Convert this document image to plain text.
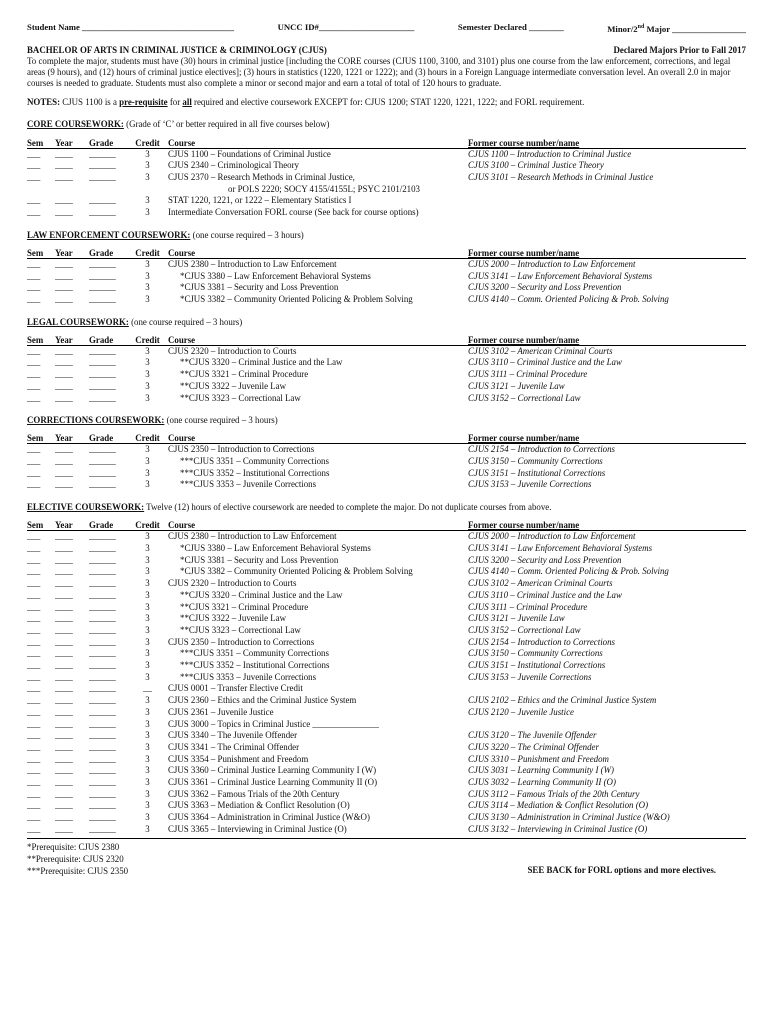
Student Name ___________________________________	UNCC ID#______________________	Semester Declared ________	Minor/2nd Major _________________
BACHELOR OF ARTS IN CRIMINAL JUSTICE & CRIMINOLOGY (CJUS)	Declared Majors Prior to Fall 2017

To complete the major, students must have (30) hours in criminal justice [including the CORE courses (CJUS 1100, 3100, and 3101) plus one course from the law enforcement, corrections, and legal areas (9 hours), and (12) hours of criminal justice electives]; (3) hours in statistics (1220, 1221 or 1222); and (3) hours in a Foreign Language intermediate conversation level. An overall 2.0 in major courses is needed to graduate. Students must also complete a minor or second major and earn a total of total of 120 hours to graduate.

NOTES: CJUS 1100 is a pre-requisite for all required and elective coursework EXCEPT for: CJUS 1200; STAT 1220, 1221, 1222; and FORL requirement.

CORE COURSEWORK: (Grade of ‘C’ or better required in all five courses below)
Sem	Year	Grade	Credit	Course	Former course number/name
___	____	______	3	CJUS 1100 – Foundations of Criminal Justice	CJUS 1100 – Introduction to Criminal Justice
___	____	______	3	CJUS 2340 – Criminological Theory	CJUS 3100 – Criminal Justice Theory
___	____	______	3	CJUS 2370 – Research Methods in Criminal Justice,	CJUS 3101 – Research Methods in Criminal Justice
				or POLS 2220; SOCY 4155/4155L; PSYC 2101/2103	
___	____	______	3	STAT 1220, 1221, or 1222 – Elementary Statistics I	
___	____	______	3	Intermediate Conversation FORL course (See back for course options)	
LAW ENFORCEMENT COURSEWORK: (one course required – 3 hours)
Sem	Year	Grade	Credit	Course	Former course number/name
___	____	______	3	CJUS 2380 – Introduction to Law Enforcement	CJUS 2000 – Introduction to Law Enforcement
___	____	______	3	*CJUS 3380 – Law Enforcement Behavioral Systems	CJUS 3141 – Law Enforcement Behavioral Systems
___	____	______	3	*CJUS 3381 – Security and Loss Prevention	CJUS 3200 – Security and Loss Prevention
___	____	______	3	*CJUS 3382 – Community Oriented Policing & Problem Solving	CJUS 4140 – Comm. Oriented Policing & Prob. Solving
LEGAL COURSEWORK: (one course required – 3 hours)
Sem	Year	Grade	Credit	Course	Former course number/name
___	____	______	3	CJUS 2320 – Introduction to Courts	CJUS 3102 – American Criminal Courts
___	____	______	3	**CJUS 3320 – Criminal Justice and the Law	CJUS 3110 – Criminal Justice and the Law
___	____	______	3	**CJUS 3321 – Criminal Procedure	CJUS 3111 – Criminal Procedure
___	____	______	3	**CJUS 3322 – Juvenile Law	CJUS 3121 – Juvenile Law
___	____	______	3	**CJUS 3323 – Correctional Law	CJUS 3152 – Correctional Law
CORRECTIONS COURSEWORK: (one course required – 3 hours)
Sem	Year	Grade	Credit	Course	Former course number/name
___	____	______	3	CJUS 2350 – Introduction to Corrections	CJUS 2154 – Introduction to Corrections
___	____	______	3	***CJUS 3351 – Community Corrections	CJUS 3150 – Community Corrections
___	____	______	3	***CJUS 3352 – Institutional Corrections	CJUS 3151 – Institutional Corrections
___	____	______	3	***CJUS 3353 – Juvenile Corrections	CJUS 3153 – Juvenile Corrections
ELECTIVE COURSEWORK: Twelve (12) hours of elective coursework are needed to complete the major. Do not duplicate courses from above.
Sem	Year	Grade	Credit	Course	Former course number/name
___	____	______	3	CJUS 2380 – Introduction to Law Enforcement	CJUS 2000 – Introduction to Law Enforcement
___	____	______	3	*CJUS 3380 – Law Enforcement Behavioral Systems	CJUS 3141 – Law Enforcement Behavioral Systems
___	____	______	3	*CJUS 3381 – Security and Loss Prevention	CJUS 3200 – Security and Loss Prevention
___	____	______	3	*CJUS 3382 – Community Oriented Policing & Problem Solving	CJUS 4140 – Comm. Oriented Policing & Prob. Solving
___	____	______	3	CJUS 2320 – Introduction to Courts	CJUS 3102 – American Criminal Courts
___	____	______	3	**CJUS 3320 – Criminal Justice and the Law	CJUS 3110 – Criminal Justice and the Law
___	____	______	3	**CJUS 3321 – Criminal Procedure	CJUS 3111 – Criminal Procedure
___	____	______	3	**CJUS 3322 – Juvenile Law	CJUS 3121 – Juvenile Law
___	____	______	3	**CJUS 3323 – Correctional Law	CJUS 3152 – Correctional Law
___	____	______	3	CJUS 2350 – Introduction to Corrections	CJUS 2154 – Introduction to Corrections
___	____	______	3	***CJUS 3351 – Community Corrections	CJUS 3150 – Community Corrections
___	____	______	3	***CJUS 3352 – Institutional Corrections	CJUS 3151 – Institutional Corrections
___	____	______	3	***CJUS 3353 – Juvenile Corrections	CJUS 3153 – Juvenile Corrections
___	____	______	__	CJUS 0001 – Transfer Elective Credit	
___	____	______	3	CJUS 2360 – Ethics and the Criminal Justice System	CJUS 2102 – Ethics and the Criminal Justice System
___	____	______	3	CJUS 2361 – Juvenile Justice	CJUS 2120 – Juvenile Justice
___	____	______	3	CJUS 3000 – Topics in Criminal Justice _______________	
___	____	______	3	CJUS 3340 – The Juvenile Offender	CJUS 3120 – The Juvenile Offender
___	____	______	3	CJUS 3341 – The Criminal Offender	CJUS 3220 – The Criminal Offender
___	____	______	3	CJUS 3354 – Punishment and Freedom	CJUS 3310 – Punishment and Freedom
___	____	______	3	CJUS 3360 – Criminal Justice Learning Community I (W)	CJUS 3031 – Learning Community I (W)
___	____	______	3	CJUS 3361 – Criminal Justice Learning Community II (O)	CJUS 3032 – Learning Community II (O)
___	____	______	3	CJUS 3362 – Famous Trials of the 20th Century	CJUS 3112 – Famous Trials of the 20th Century
___	____	______	3	CJUS 3363 – Mediation & Conflict Resolution (O)	CJUS 3114 – Mediation & Conflict Resolution (O)
___	____	______	3	CJUS 3364 – Administration in Criminal Justice (W&O)	CJUS 3130 – Administration in Criminal Justice (W&O)
___	____	______	3	CJUS 3365 – Interviewing in Criminal Justice (O)	CJUS 3132 – Interviewing in Criminal Justice (O)
*Prerequisite: CJUS 2380
**Prerequisite: CJUS 2320
***Prerequisite: CJUS 2350	SEE BACK for FORL options and more electives.
